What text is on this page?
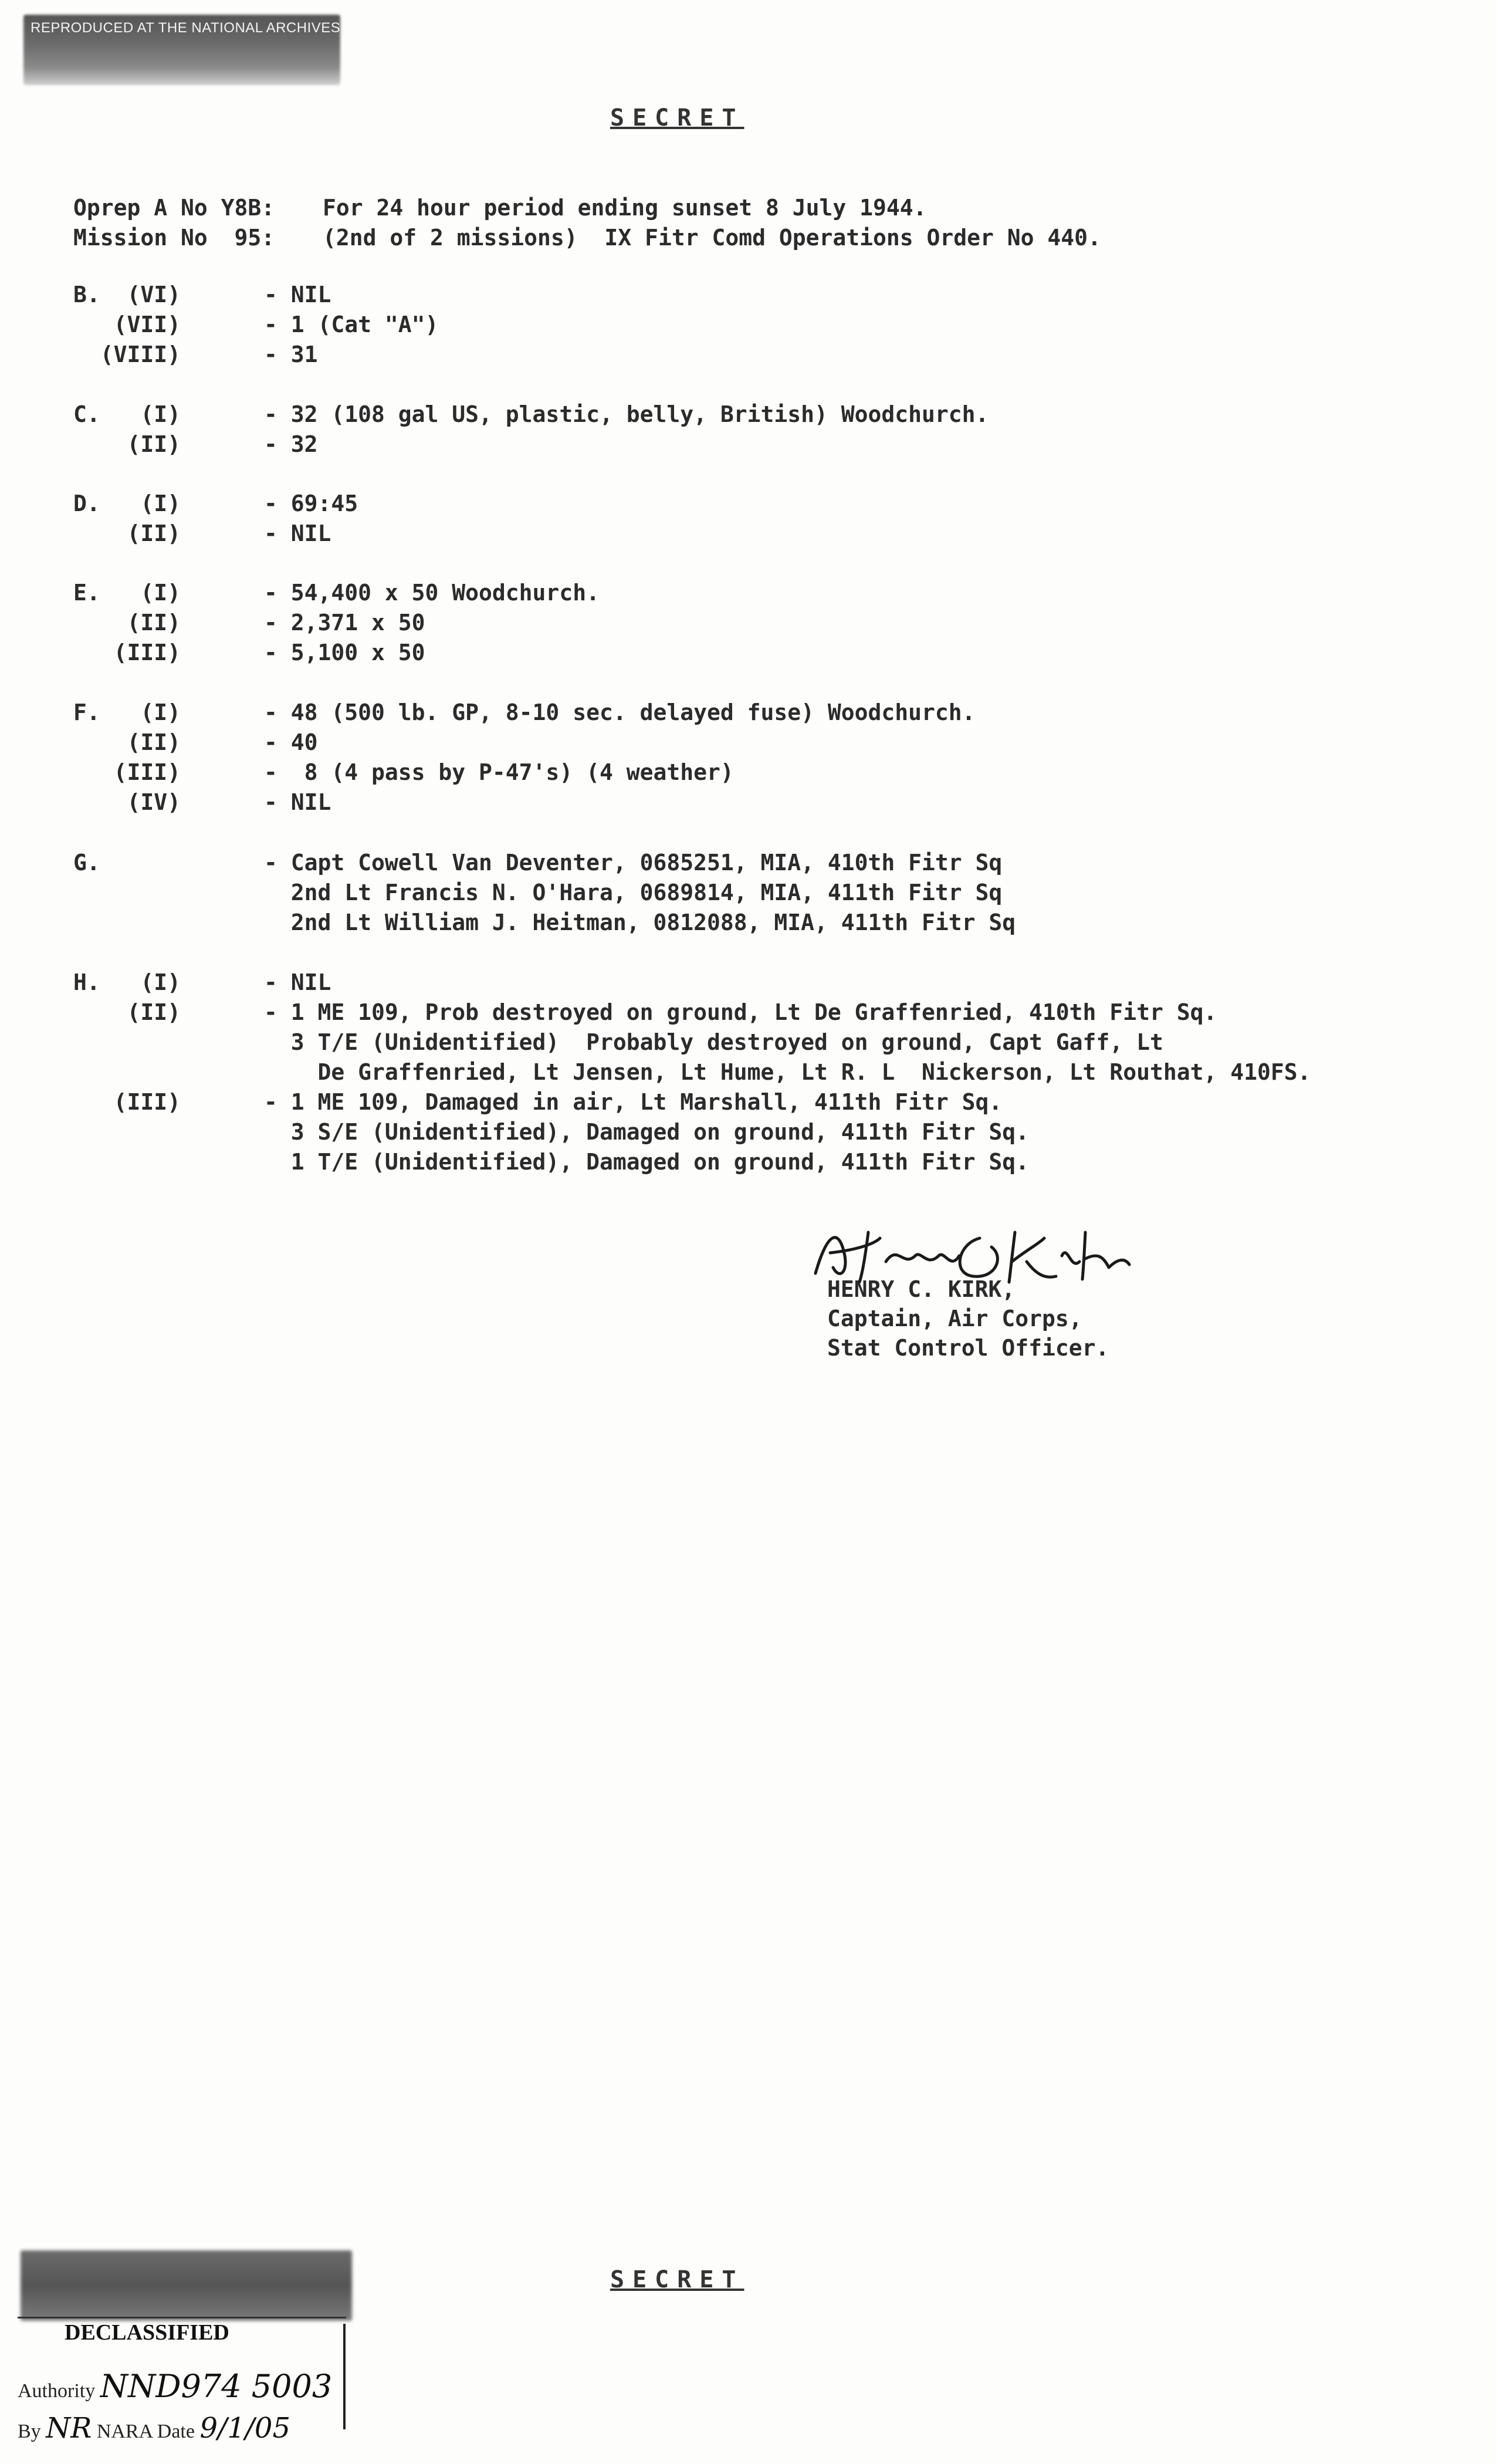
REPRODUCED AT THE NATIONAL ARCHIVES
SECRET
Oprep A No Y8B: For 24 hour period ending sunset 8 July 1944.
Mission No  95: (2nd of 2 missions)  IX Fitr Comd Operations Order No 440.
B.  (VI)	- NIL
(VII)	- 1 (Cat "A")
(VIII)	- 31
C.   (I)	- 32 (108 gal US, plastic, belly, British) Woodchurch.
(II)	- 32
D.   (I)	- 69:45
(II)	- NIL
E.   (I)	- 54,400 x 50 Woodchurch.
(II)	- 2,371 x 50
(III)	- 5,100 x 50
F.   (I)	- 48 (500 lb. GP, 8-10 sec. delayed fuse) Woodchurch.
(II)	- 40
(III)	-  8 (4 pass by P-47's) (4 weather)
(IV)	- NIL
G.	- Capt Cowell Van Deventer, 0685251, MIA, 410th Fitr Sq
2nd Lt Francis N. O'Hara, 0689814, MIA, 411th Fitr Sq
2nd Lt William J. Heitman, 0812088, MIA, 411th Fitr Sq
H.   (I)	- NIL
(II)	- 1 ME 109, Prob destroyed on ground, Lt De Graffenried, 410th Fitr Sq.
3 T/E (Unidentified)  Probably destroyed on ground, Capt Gaff, Lt
De Graffenried, Lt Jensen, Lt Hume, Lt R. L  Nickerson, Lt Routhat, 410FS.
(III)	- 1 ME 109, Damaged in air, Lt Marshall, 411th Fitr Sq.
3 S/E (Unidentified), Damaged on ground, 411th Fitr Sq.
1 T/E (Unidentified), Damaged on ground, 411th Fitr Sq.
HENRY C. KIRK,
Captain, Air Corps,
Stat Control Officer.
SECRET
DECLASSIFIED
Authority NND974 5003
By NR NARA Date 9/1/05
